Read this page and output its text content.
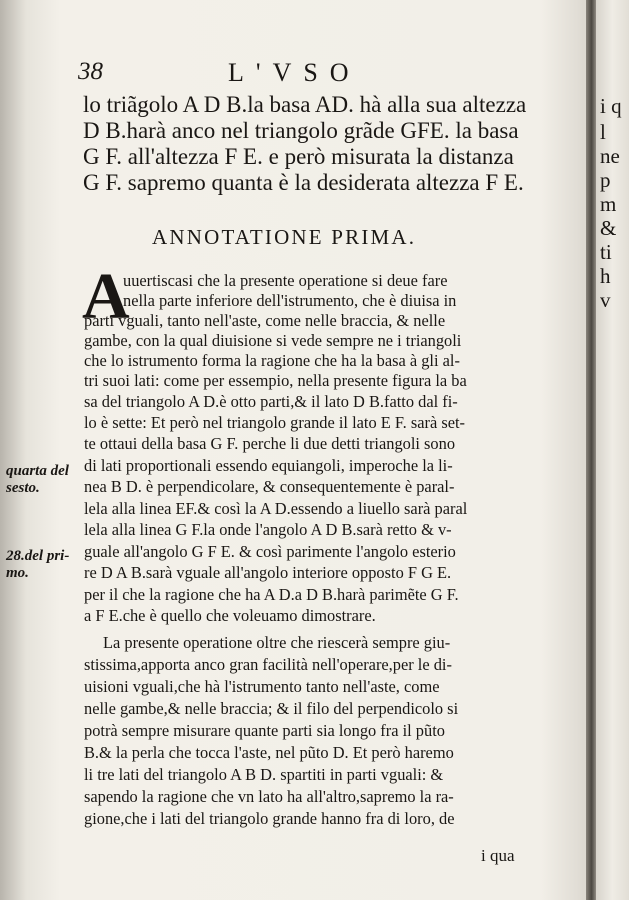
38	L'VSO
lo triãgolo A D B.la basa AD. hà alla sua altezza
D B.harà anco nel triangolo grãde GFE. la basa
G F. all'altezza F E. e però misurata la distanza
G F. sapremo quanta è la desiderata altezza F E.
ANNOTATIONE PRIMA.
A
uuertiscasi che la presente operatione si deue fare
nella parte inferiore dell'istrumento, che è diuisa in
parti vguali, tanto nell'aste, come nelle braccia, & nelle
gambe, con la qual diuisione si vede sempre ne i triangoli
che lo istrumento forma la ragione che ha la basa à gli al-
tri suoi lati: come per essempio, nella presente figura la ba
sa del triangolo A D.è otto parti,& il lato D B.fatto dal fi-
lo è sette: Et però nel triangolo grande il lato E F. sarà set-
te ottaui della basa G F. perche li due detti triangoli sono
di lati proportionali essendo equiangoli, imperoche la li-
nea B D. è perpendicolare, & consequentemente è paral-
lela alla linea EF.& così la A D.essendo a liuello sarà paral
lela alla linea G F.la onde l'angolo A D B.sarà retto & v-
guale all'angolo G F E. & così parimente l'angolo esterio
re D A B.sarà vguale all'angolo interiore opposto F G E.
per il che la ragione che ha A D.a D B.harà parimẽte G F.
a F E.che è quello che voleuamo dimostrare.
La presente operatione oltre che riescerà sempre giu-
stissima,apporta anco gran facilità nell'operare,per le di-
uisioni vguali,che hà l'istrumento tanto nell'aste, come
nelle gambe,& nelle braccia; & il filo del perpendicolo si
potrà sempre misurare quante parti sia longo fra il pũto
B.& la perla che tocca l'aste, nel pũto D. Et però haremo
li tre lati del triangolo A B D. spartiti in parti vguali: &
sapendo la ragione che vn lato ha all'altro,sapremo la ra-
gione,che i lati del triangolo grande hanno fra di loro, de
i qua
quarta del
sesto.
28.del pri-
mo.
i q
l
ne
p
m
&
ti
h
v
